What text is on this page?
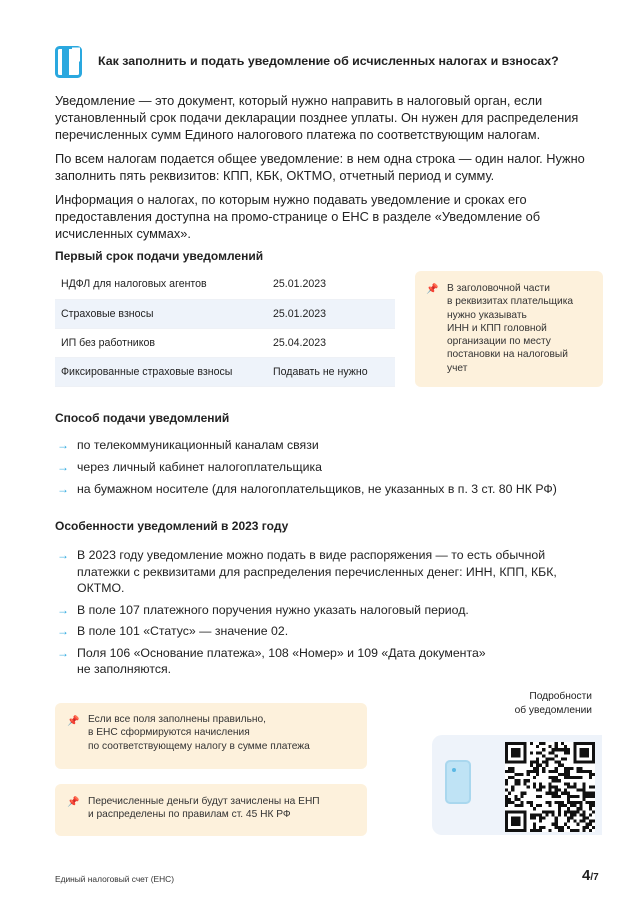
Как заполнить и подать уведомление об исчисленных налогах и взносах?

Уведомление — это документ, который нужно направить в налоговый орган, если установленный срок подачи декларации позднее уплаты. Он нужен для распределения перечисленных сумм Единого налогового платежа по соответствующим налогам.

По всем налогам подается общее уведомление: в нем одна строка — один налог. Нужно заполнить пять реквизитов: КПП, КБК, ОКТМО, отчетный период и сумму.

Информация о налогах, по которым нужно подавать уведомление и сроках его предоставления доступна на промо-странице о ЕНС в разделе «Уведомление об исчисленных суммах».

Первый срок подачи уведомлений
НДФЛ для налоговых агентов	25.01.2023
Страховые взносы	25.01.2023
ИП без работников	25.04.2023
Фиксированные страховые взносы	Подавать не нужно
📌 В заголовочной части
в реквизитах плательщика
нужно указывать
ИНН и КПП головной
организации по месту
постановки на налоговый
учет
Способ подачи уведомлений
→ по телекоммуникационный каналам связи
→ через личный кабинет налогоплательщика
→ на бумажном носителе (для налогоплательщиков, не указанных в п. 3 ст. 80 НК РФ)
Особенности уведомлений в 2023 году
→ В 2023 году уведомление можно подать в виде распоряжения — то есть обычной
платежки с реквизитами для распределения перечисленных денег: ИНН, КПП, КБК,
ОКТМО.
→ В поле 107 платежного поручения нужно указать налоговый период.
→ В поле 101 «Статус» — значение 02.
→ Поля 106 «Основание платежа», 108 «Номер» и 109 «Дата документа»
не заполняются.
📌 Если все поля заполнены правильно,
в ЕНС сформируются начисления
по соответствующему налогу в сумме платежа
📌 Перечисленные деньги будут зачислены на ЕНП
и распределены по правилам ст. 45 НК РФ
Подробности
об уведомлении
Единый налоговый счет (ЕНС)	4/7
